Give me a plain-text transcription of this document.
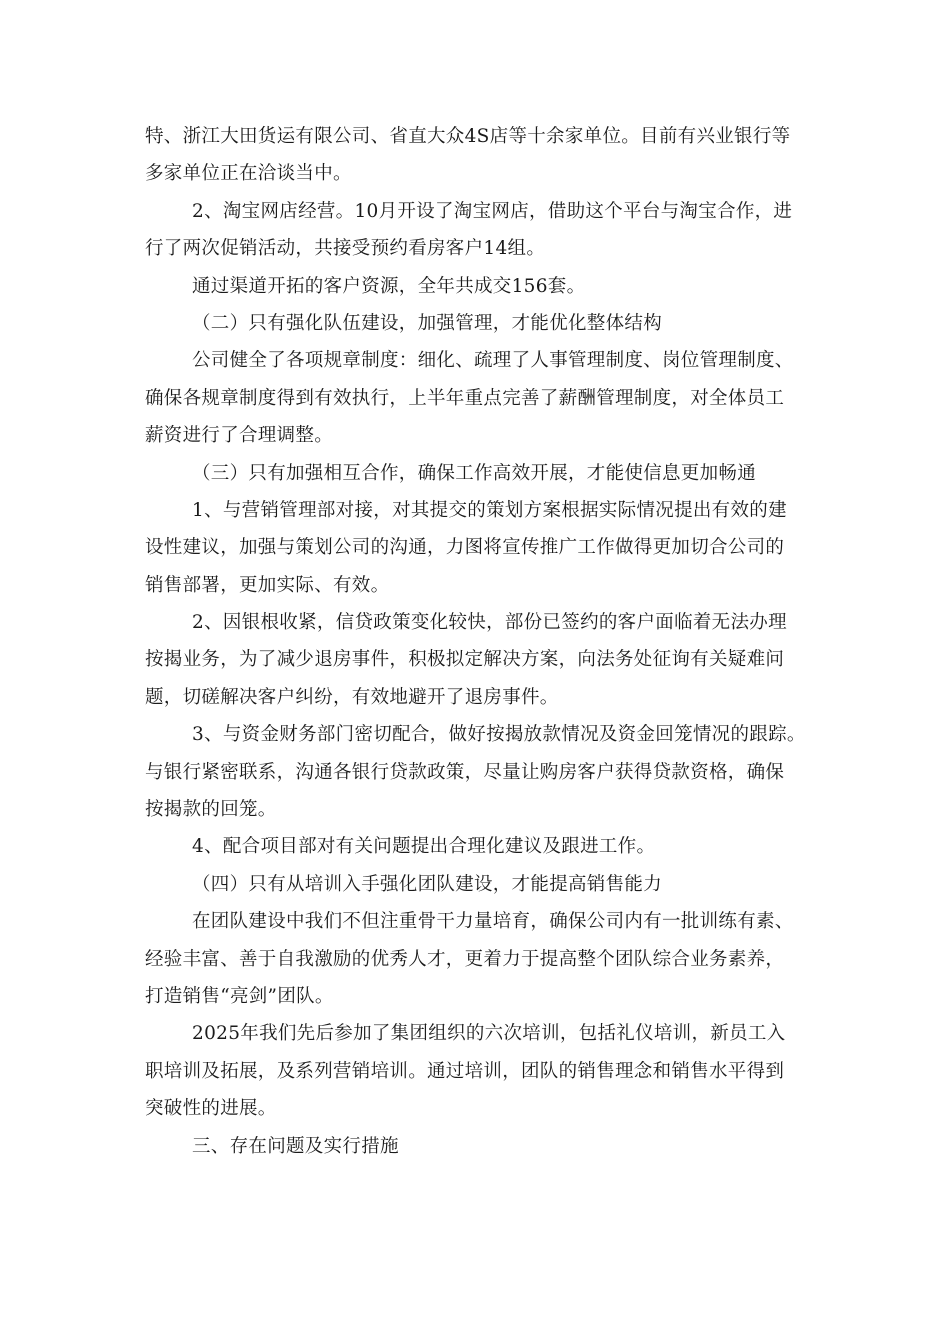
特、浙江大田货运有限公司、省直大众4S店等十余家单位。目前有兴业银行等
多家单位正在洽谈当中。
2、淘宝网店经营。10月开设了淘宝网店，借助这个平台与淘宝合作，进
行了两次促销活动，共接受预约看房客户14组。
通过渠道开拓的客户资源，全年共成交156套。
（二）只有强化队伍建设，加强管理，才能优化整体结构
公司健全了各项规章制度：细化、疏理了人事管理制度、岗位管理制度、
确保各规章制度得到有效执行，上半年重点完善了薪酬管理制度，对全体员工
薪资进行了合理调整。
（三）只有加强相互合作，确保工作高效开展，才能使信息更加畅通
1、与营销管理部对接，对其提交的策划方案根据实际情况提出有效的建
设性建议，加强与策划公司的沟通，力图将宣传推广工作做得更加切合公司的
销售部署，更加实际、有效。
2、因银根收紧，信贷政策变化较快，部份已签约的客户面临着无法办理
按揭业务，为了减少退房事件，积极拟定解决方案，向法务处征询有关疑难问
题，切磋解决客户纠纷，有效地避开了退房事件。
3、与资金财务部门密切配合，做好按揭放款情况及资金回笼情况的跟踪。
与银行紧密联系，沟通各银行贷款政策，尽量让购房客户获得贷款资格，确保
按揭款的回笼。
4、配合项目部对有关问题提出合理化建议及跟进工作。
（四）只有从培训入手强化团队建设，才能提高销售能力
在团队建设中我们不但注重骨干力量培育，确保公司内有一批训练有素、
经验丰富、善于自我激励的优秀人才，更着力于提高整个团队综合业务素养，
打造销售“亮剑”团队。
2025年我们先后参加了集团组织的六次培训，包括礼仪培训，新员工入
职培训及拓展，及系列营销培训。通过培训，团队的销售理念和销售水平得到
突破性的进展。
三、存在问题及实行措施
